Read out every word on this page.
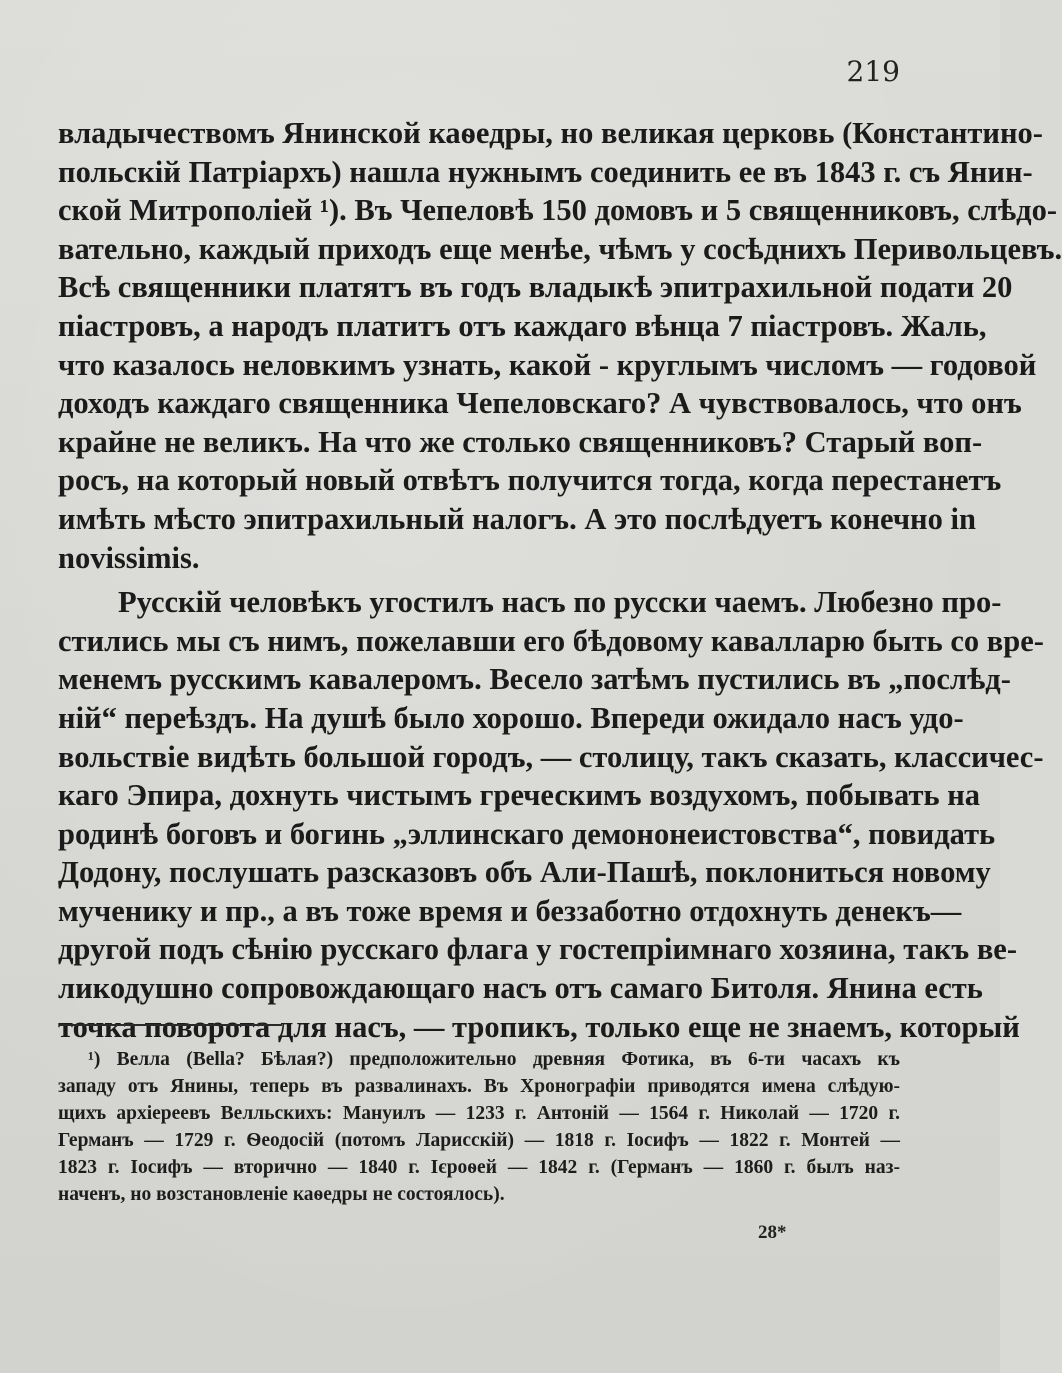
219
владычествомъ Янинской каѳедры, но великая церковь (Константино-
польскій Патріархъ) нашла нужнымъ соединить ее въ 1843 г. съ Янин-
ской Митрополіей ¹). Въ Чепеловѣ 150 домовъ и 5 священниковъ, слѣдо-
вательно, каждый приходъ еще менѣе, чѣмъ у сосѣднихъ Перивольцевъ.
Всѣ священники платятъ въ годъ владыкѣ эпитрахильной подати 20
піастровъ, а народъ платитъ отъ каждаго вѣнца 7 піастровъ. Жаль,
что казалось неловкимъ узнать, какой - круглымъ числомъ — годовой
доходъ каждаго священника Чепеловскаго? А чувствовалось, что онъ
крайне не великъ. На что же столько священниковъ? Старый воп-
росъ, на который новый отвѣтъ получится тогда, когда перестанетъ
имѣть мѣсто эпитрахильный налогъ. А это послѣдуетъ конечно in
novissimis.
Русскій человѣкъ угостилъ насъ по русски чаемъ. Любезно про-
стились мы съ нимъ, пожелавши его бѣдовому кавалларю быть со вре-
менемъ русскимъ кавалеромъ. Весело затѣмъ пустились въ „послѣд-
ній“ переѣздъ. На душѣ было хорошо. Впереди ожидало насъ удо-
вольствіе видѣть большой городъ, — столицу, такъ сказать, классичес-
каго Эпира, дохнуть чистымъ греческимъ воздухомъ, побывать на
родинѣ боговъ и богинь „эллинскаго демононеистовства“, повидать
Додону, послушать разсказовъ объ Али-Пашѣ, поклониться новому
мученику и пр., а въ тоже время и беззаботно отдохнуть денекъ—
другой подъ сѣнію русскаго флага у гостепріимнаго хозяина, такъ ве-
ликодушно сопровождающаго насъ отъ самаго Битоля. Янина есть
точка поворота для насъ, — тропикъ, только еще не знаемъ, который
¹) Велла (Bella? Бѣлая?) предположительно древняя Фотика, въ 6-ти часахъ къ
западу отъ Янины, теперь въ развалинахъ. Въ Хронографіи приводятся имена слѣдую-
щихъ архіереевъ Велльскихъ: Мануилъ — 1233 г. Антоній — 1564 г. Николай — 1720 г.
Германъ — 1729 г. Ѳеодосій (потомъ Ларисскій) — 1818 г. Іосифъ — 1822 г. Монтей —
1823 г. Іосифъ — вторично — 1840 г. Ієроѳей — 1842 г. (Германъ — 1860 г. былъ наз-
наченъ, но возстановленіе каѳедры не состоялось).
28*
